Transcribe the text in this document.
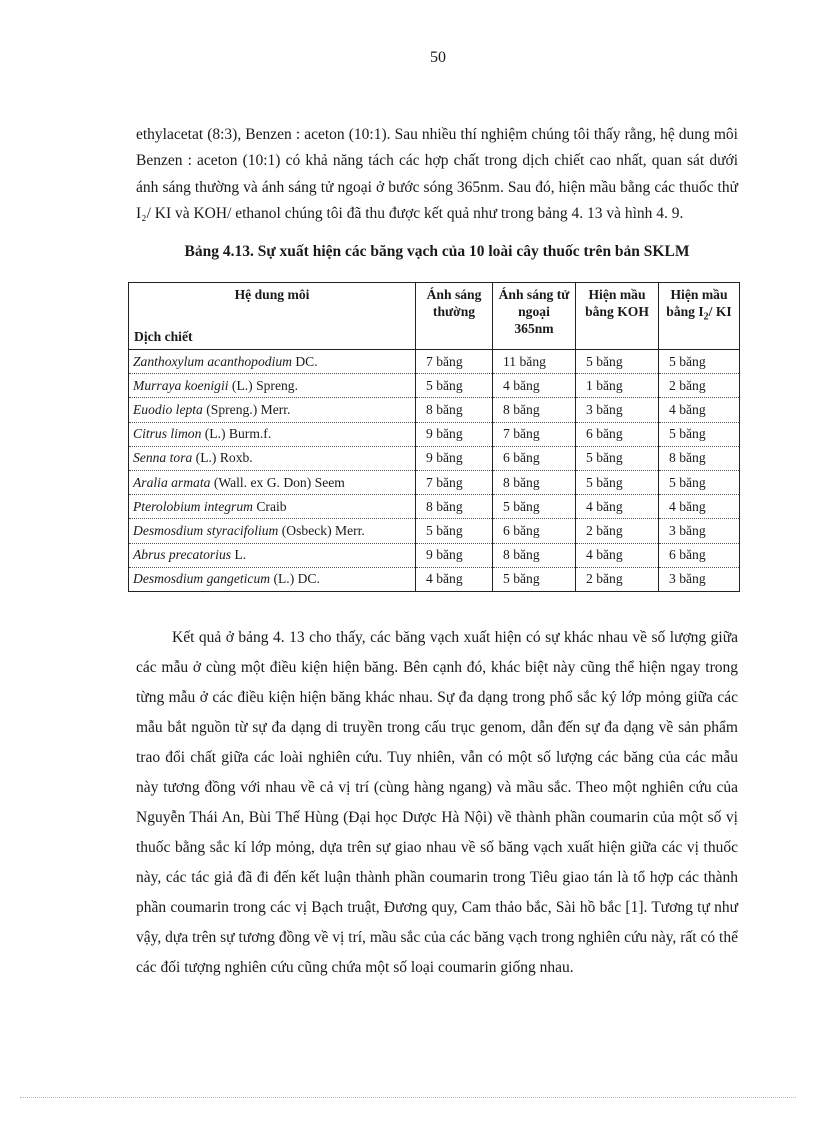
50

ethylacetat (8:3), Benzen : aceton (10:1). Sau nhiều thí nghiệm chúng tôi thấy rằng, hệ dung môi Benzen : aceton (10:1) có khả năng tách các hợp chất trong dịch chiết cao nhất, quan sát dưới ánh sáng thường và ánh sáng tử ngoại ở bước sóng 365nm. Sau đó, hiện mầu bằng các thuốc thử I₂/ KI và KOH/ ethanol chúng tôi đã thu được kết quả như trong bảng 4. 13 và hình 4. 9.

Bảng 4.13. Sự xuất hiện các băng vạch của 10 loài cây thuốc trên bản SKLM
Hệ dung môi
Dịch chiết	Ánh sáng thường	Ánh sáng tử ngoại 365nm	Hiện mầu bằng KOH	Hiện mầu bằng $I_2/$ KI
Zanthoxylum acanthopodium DC.	7 băng	11 băng	5 băng	5 băng
Murraya koenigii (L.) Spreng.	5 băng	4 băng	1 băng	2 băng
Euodio lepta (Spreng.) Merr.	8 băng	8 băng	3 băng	4 băng
Citrus limon (L.) Burm.f.	9 băng	7 băng	6 băng	5 băng
Senna tora (L.) Roxb.	9 băng	6 băng	5 băng	8 băng
Aralia armata (Wall. ex G. Don) Seem	7 băng	8 băng	5 băng	5 băng
Pterolobium integrum Craib	8 băng	5 băng	4 băng	4 băng
Desmosdium styracifolium (Osbeck) Merr.	5 băng	6 băng	2 băng	3 băng
Abrus precatorius L.	9 băng	8 băng	4 băng	6 băng
Desmosdium gangeticum (L.) DC.	4 băng	5 băng	2 băng	3 băng

Kết quả ở bảng 4. 13 cho thấy, các băng vạch xuất hiện có sự khác nhau về số lượng giữa các mẫu ở cùng một điều kiện hiện băng. Bên cạnh đó, khác biệt này cũng thể hiện ngay trong từng mẫu ở các điều kiện hiện băng khác nhau. Sự đa dạng trong phổ sắc ký lớp mỏng giữa các mẫu bắt nguồn từ sự đa dạng di truyền trong cấu trục genom, dẫn đến sự đa dạng về sản phẩm trao đổi chất giữa các loài nghiên cứu. Tuy nhiên, vẫn có một số lượng các băng của các mẫu này tương đồng với nhau về cả vị trí (cùng hàng ngang) và mầu sắc. Theo một nghiên cứu của Nguyễn Thái An, Bùi Thế Hùng (Đại học Dược Hà Nội) về thành phần coumarin của một số vị thuốc bằng sắc kí lớp mỏng, dựa trên sự giao nhau về số băng vạch xuất hiện giữa các vị thuốc này, các tác giả đã đi đến kết luận thành phần coumarin trong Tiêu giao tán là tổ hợp các thành phần coumarin trong các vị Bạch truật, Đương quy, Cam thảo bắc, Sài hồ bắc [1]. Tương tự như vậy, dựa trên sự tương đồng về vị trí, mầu sắc của các băng vạch trong nghiên cứu này, rất có thể các đối tượng nghiên cứu cũng chứa một số loại coumarin giống nhau.
